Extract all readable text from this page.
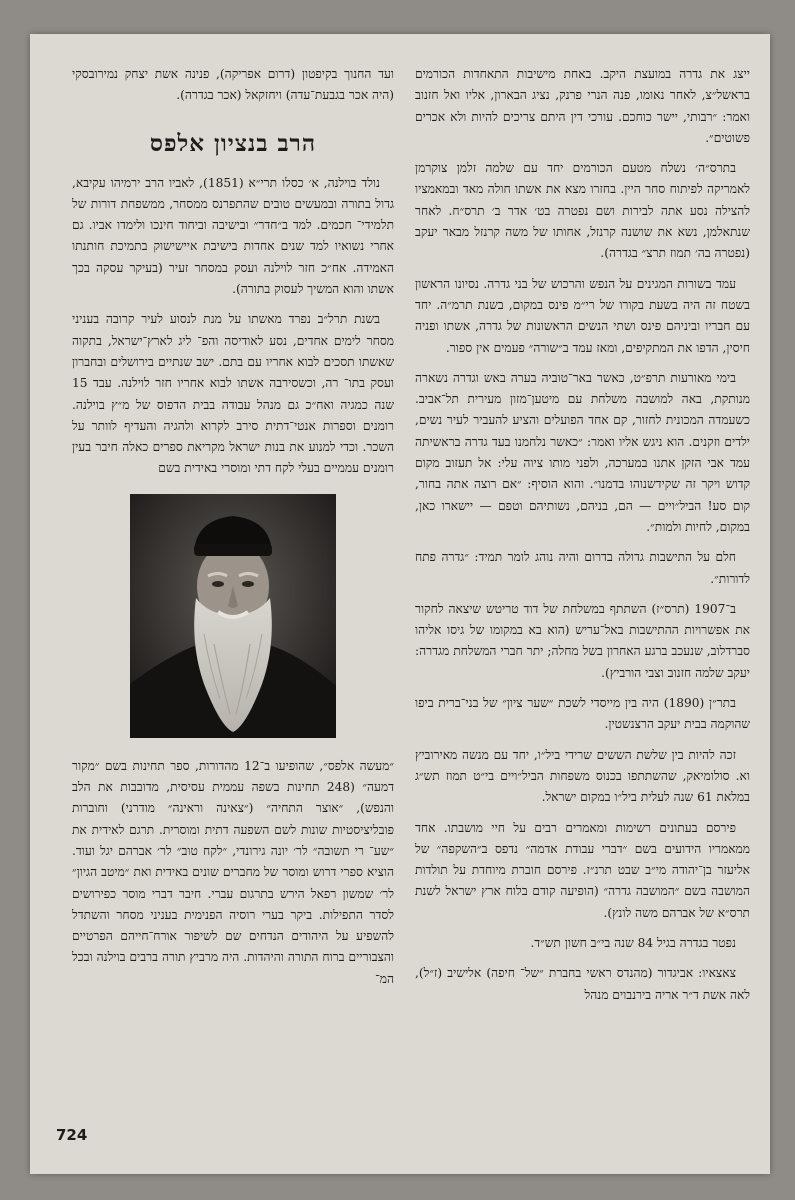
ייצג את גדרה במועצת היקב. באחת מישיבות התאחדות הכורמים בראשל״צ, לאחר נאומו, פנה הנרי פרנק, נציג הבארון, אליו ואל חזנוב ואמר: ״רבותי, יישר כוחכם. עורכי דין היתם צריכים להיות ולא אכרים פשוטים״.

בתרס״ה׳ נשלח מטעם הכורמים יחד עם שלמה זלמן צוקרמן לאמריקה לפיתוח סחר היין. בחזרו מצא את אשתו חולה מאד ובמאמציו להצילה נסע אתה לבירות ושם נפטרה בט׳ אדר ב׳ תרס״ח. לאחר שנתאלמן, נשא את שושנה קרנזל, אחותו של משה קרנזל מבאר יעקב (נפטרה בה׳ תמוז תרצ״ בגדרה).

עמד בשורות המגינים על הנפש והרכוש של בני גדרה. נסיונו הראשון בשטח זה היה בשעת בקורו של רי״מ פינס במקום, בשנת תרמ״ה. יחד עם חבריו וביניהם פינס ושתי הנשים הראשונות של גדרה, אשתו ופניה חיסין, הדפו את המתקיפים, ומאז עמד ב״שורה״ פעמים אין ספור.

בימי מאורעות תרפ״ט, כאשר באר־טוביה בערה באש וגדרה נשארה מנותקת, באה למושבה משלחת עם מיטען־מזון מעירית תל־אביב. כשעמדה המכונית לחזור, קם אחד הפועלים והציע להעביר לעיר נשים, ילדים וזקנים. הוא ניגש אליו ואמר: ״כאשר נלחמנו בעד גדרה בראשיתה עמד אבי הזקן אתנו במערכה, ולפני מותו ציוה עלי: אל תעזוב מקום קדוש ויקר זה שקידשנוהו בדמנו״. והוא הוסיף: ״אם רוצה אתה בחור, קום סע! הביל״ויים — הם, בניהם, נשותיהם וטפם — יישארו כאן, במקום, לחיות ולמות״.

חלם על התישבות גדולה בדרום והיה נוהג לומר תמיד: ״גדרה פתח לדורות״.

ב־1907 (תרס״ז) השתתף במשלחת של דוד טריטש שיצאה לחקור את אפשרויות ההתישבות באל־עריש (הוא בא במקומו של גיסו אליהו סברדלוב, שנעכב ברגע האחרון בשל מחלה; יתר חברי המשלחת מגדרה: יעקב שלמה חזנוב וצבי הורביץ).

בתר״ן (1890) היה בין מייסדי לשכת ״שער ציון״ של בני־ברית ביפו שהוקמה בבית יעקב הרצנשטין.

זכה להיות בין שלשת הששים שרידי ביל״ו, יחד עם מנשה מאירוביץ וא. סולומיאק, שהשתתפו בכנוס משפחות הביל״ויים בי״ט תמוז תש״ג במלאת 61 שנה לעלית ביל״ו במקום ישראל.

פירסם בעתונים רשימות ומאמרים רבים על חיי מושבתו. אחד ממאמריו הידועים בשם ״דברי עבודת אדמה״ נדפס ב״השקפה״ של אליעזר בן־יהודה מי״ב שבט תרנ״ז. פירסם חוברת מיוחדת על תולדות המושבה בשם ״המושבה גדרה״ (הופיעה קודם בלוח ארץ ישראל לשנת תרס״א של אברהם משה לונץ).

נפטר בגדרה בגיל 84 שנה בי״ב חשון תש״ד.

צאצאיו: אביגדור (מהנדס ראשי בחברת ״של־ חיפה) אלישיב (ז״ל), לאה אשת ד״ר אריה בירנבוים מנהל

ועד החנוך בקיפטון (דרום אפריקה), פנינה אשת יצחק נמירובסקי (היה אכר בגבעת־עדה) ויחזקאל (אכר בגדרה).

הרב בנציון אלפס

נולד בוילנה, א׳ כסלו תרי״א (1851), לאביו הרב ירמיהו עקיבא, גדול בתורה ובמעשים טובים שהתפרנס ממסחר, ממשפחת דורות של תלמידי־ חכמים. למד ב״חדר״ ובישיבה וביחוד חינכו ולימדו אביו. גם אחרי נשואיו למד שנים אחדות בישיבת איישישוק בתמיכת חותנתו האמידה. אח״כ חזר לוילנה ועסק במסחר זעיר (בעיקר עסקה בכך אשתו והוא המשיך לעסוק בתורה).

בשנת תרל״ב נפרד מאשתו על מנת לנסוע לעיר קרובה בעניני מסחר לימים אחדים, נסע לאודיסה והפ־ ליג לארץ־ישראל, בתקוה שאשתו תסכים לבוא אחריו עם בתם. ישב שנתיים בירושלים ובחברון ועסק בתו־ רה, וכשסירבה אשתו לבוא אחריו חזר לוילנה. עבד 15 שנה כמגיה ואח״כ גם מנהל עבודה בבית הדפוס של מ״ץ בוילנה. רומנים וספרות אנטי־דתית סירב לקרוא ולהגיה והעדיף לוותר על השכר. וכדי למנוע את בנות ישראל מקריאת ספרים כאלה חיבר בעין רומנים עממיים בעלי לקח דתי ומוסרי באידית בשם

״מעשה אלפס״, שהופיעו ב־12 מהדורות, ספר תחינות בשם ״מקור דמעה״ (248 תחינות בשפה עממית עסיסית, מדובבות את הלב והנפש), ״אוצר התחיה״ (״צאינה וראינה״ מודרני) וחוברות פובליציסטיות שונות לשם השפעה דתית ומוסרית. תרגם לאידית את ״שע־ רי תשובה״ לר׳ יונה גירונדי, ״לקח טוב״ לר׳ אברהם יגל ועוד. הוציא ספרי דרוש ומוסר של מחברים שונים באידית ואת ״מיטב הגיון״ לר׳ שמשון רפאל הירש בתרגום עברי. חיבר דברי מוסר כפירושים לסדר התפילות. ביקר בערי רוסיה הפנימית בעניני מסחר והשתדל להשפיע על היהודים הנדחים שם לשיפור אורח־חייהם הפרטיים והצבוריים ברוח התורה והיהדות. היה מרביץ תורה ברבים בוילנה ובכל המ־

724
